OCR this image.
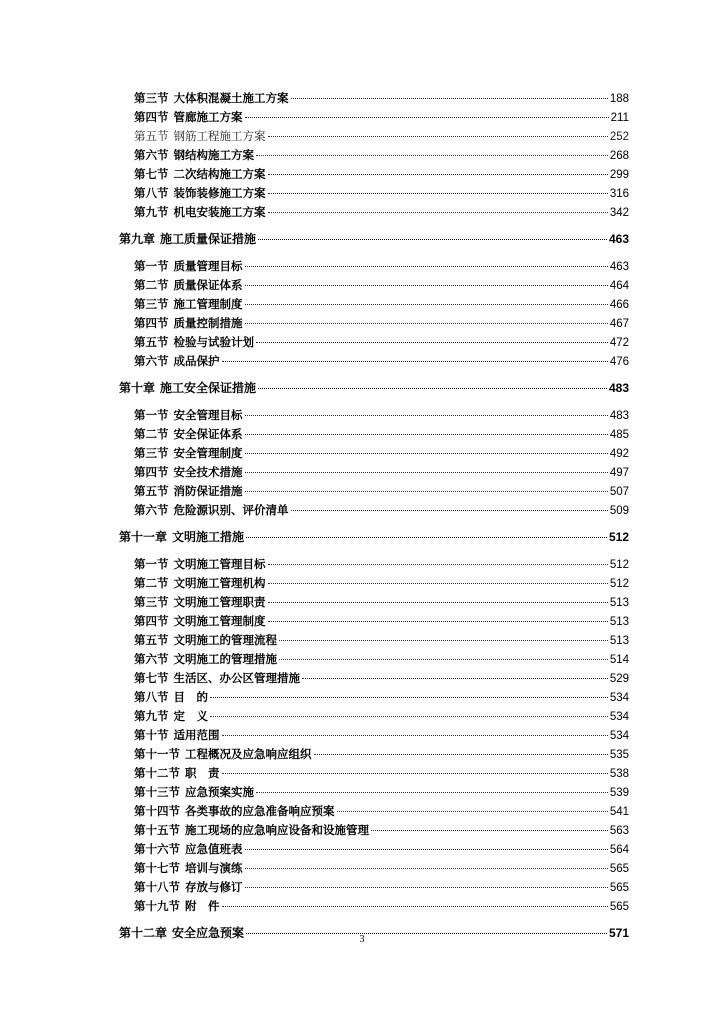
第三节 大体积混凝土施工方案	188
第四节 管廊施工方案	211
第五节 钢筋工程施工方案	252
第六节 钢结构施工方案	268
第七节 二次结构施工方案	299
第八节 装饰装修施工方案	316
第九节 机电安装施工方案	342
第九章 施工质量保证措施	463
第一节 质量管理目标	463
第二节 质量保证体系	464
第三节 施工管理制度	466
第四节 质量控制措施	467
第五节 检验与试验计划	472
第六节 成品保护	476
第十章 施工安全保证措施	483
第一节 安全管理目标	483
第二节 安全保证体系	485
第三节 安全管理制度	492
第四节 安全技术措施	497
第五节 消防保证措施	507
第六节 危险源识别、评价清单	509
第十一章 文明施工措施	512
第一节 文明施工管理目标	512
第二节 文明施工管理机构	512
第三节 文明施工管理职责	513
第四节 文明施工管理制度	513
第五节 文明施工的管理流程	513
第六节 文明施工的管理措施	514
第七节 生活区、办公区管理措施	529
第八节 目　的	534
第九节 定　义	534
第十节 适用范围	534
第十一节 工程概况及应急响应组织	535
第十二节 职　责	538
第十三节 应急预案实施	539
第十四节 各类事故的应急准备响应预案	541
第十五节 施工现场的应急响应设备和设施管理	563
第十六节 应急值班表	564
第十七节 培训与演练	565
第十八节 存放与修订	565
第十九节 附　件	565
第十二章 安全应急预案	571
3
